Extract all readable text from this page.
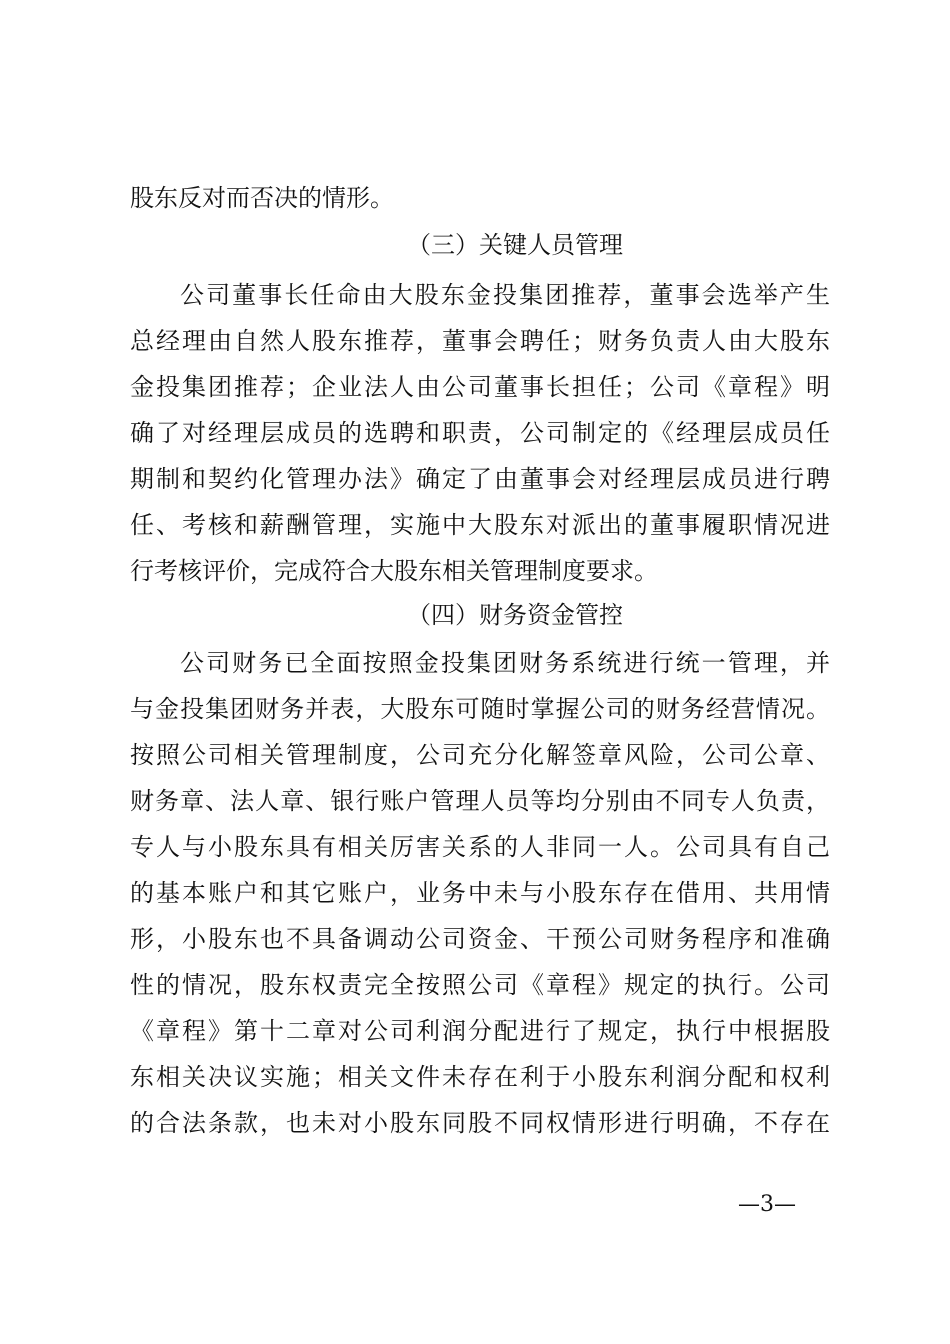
股东反对而否决的情形。
（三）关键人员管理
公司董事长任命由大股东金投集团推荐，董事会选举产生
总经理由自然人股东推荐，董事会聘任；财务负责人由大股东
金投集团推荐；企业法人由公司董事长担任；公司《章程》明
确了对经理层成员的选聘和职责，公司制定的《经理层成员任
期制和契约化管理办法》确定了由董事会对经理层成员进行聘
任、考核和薪酬管理，实施中大股东对派出的董事履职情况进
行考核评价，完成符合大股东相关管理制度要求。
（四）财务资金管控
公司财务已全面按照金投集团财务系统进行统一管理，并
与金投集团财务并表，大股东可随时掌握公司的财务经营情况。
按照公司相关管理制度，公司充分化解签章风险，公司公章、
财务章、法人章、银行账户管理人员等均分别由不同专人负责，
专人与小股东具有相关厉害关系的人非同一人。公司具有自己
的基本账户和其它账户，业务中未与小股东存在借用、共用情
形，小股东也不具备调动公司资金、干预公司财务程序和准确
性的情况，股东权责完全按照公司《章程》规定的执行。公司
《章程》第十二章对公司利润分配进行了规定，执行中根据股
东相关决议实施；相关文件未存在利于小股东利润分配和权利
的合法条款，也未对小股东同股不同权情形进行明确，不存在
—3—
